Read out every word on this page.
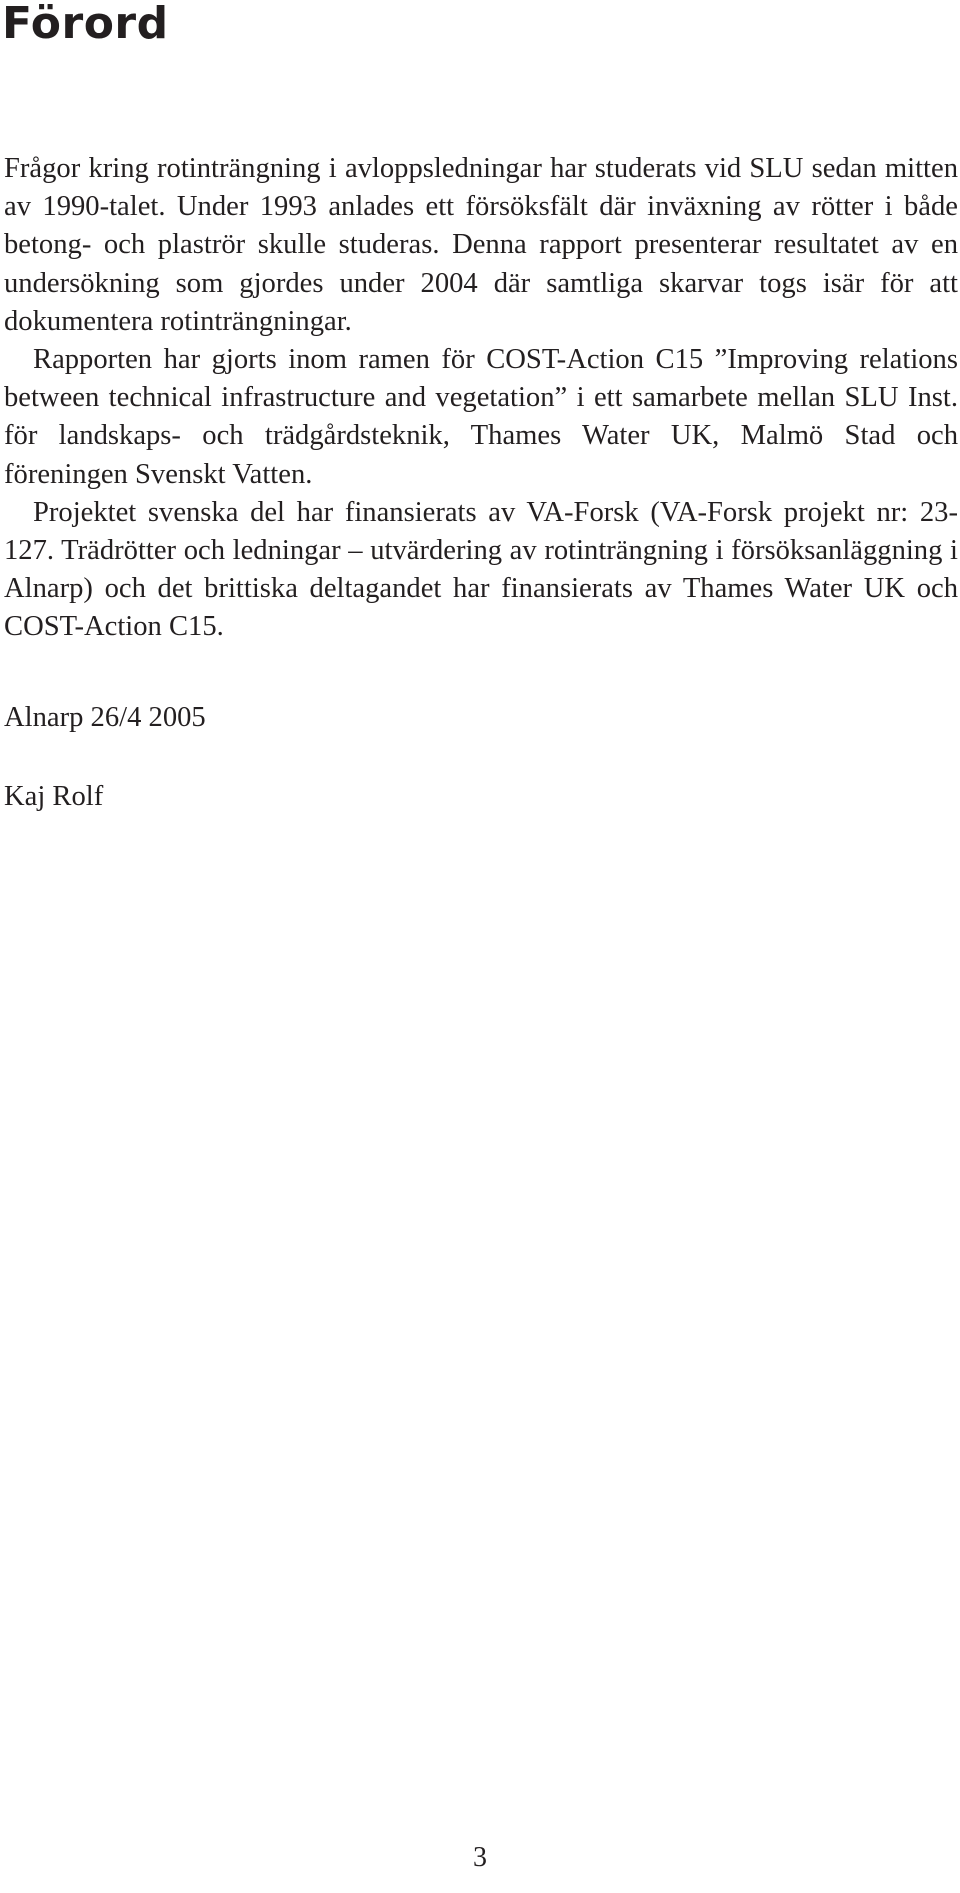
Förord

Frågor kring rotinträngning i avloppsledningar har studerats vid SLU sedan mitten av 1990-talet. Under 1993 anlades ett försöksfält där inväxning av rötter i både betong- och plaströr skulle studeras. Denna rapport presenterar resultatet av en undersökning som gjordes under 2004 där samtliga skarvar togs isär för att dokumentera rotinträngningar.

Rapporten har gjorts inom ramen för COST-Action C15 ”Improving relations between technical infrastructure and vegetation” i ett samarbete mellan SLU Inst. för landskaps- och trädgårdsteknik, Thames Water UK, Malmö Stad och föreningen Svenskt Vatten.

Projektet svenska del har finansierats av VA-Forsk (VA-Forsk projekt nr: 23-127. Trädrötter och ledningar – utvärdering av rotinträngning i försöksanläggning i Alnarp) och det brittiska deltagandet har finansierats av Thames Water UK och COST-Action C15.

Alnarp 26/4 2005

Kaj Rolf

3
